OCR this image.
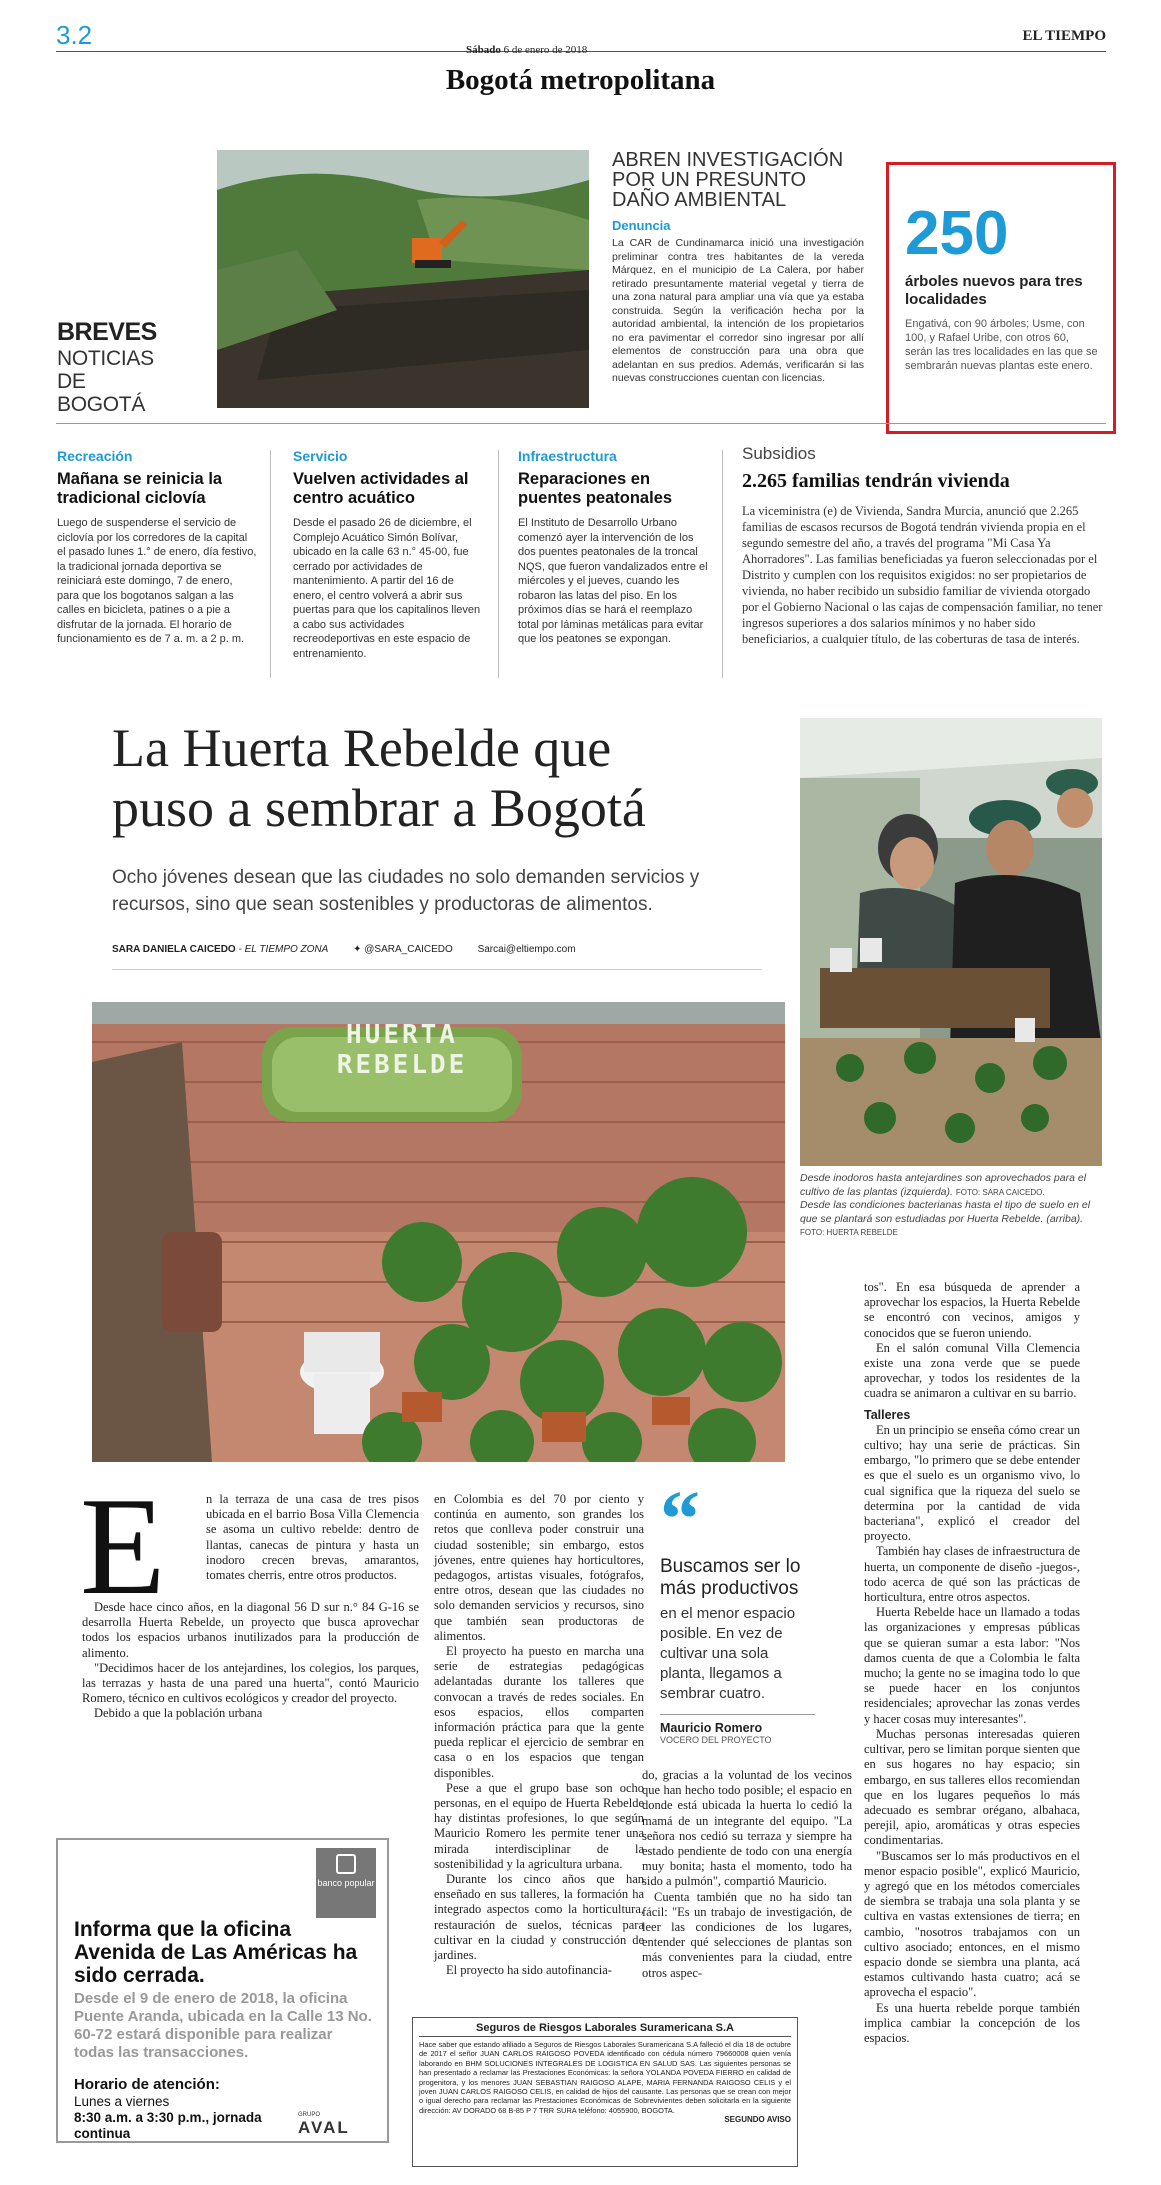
3.2	Sábado 6 de enero de 2018
EL TIEMPO
Bogotá metropolitana
BREVES
NOTICIAS
DE BOGOTÁ
ABREN INVESTIGACIÓN
POR UN PRESUNTO
DAÑO AMBIENTAL
Denuncia
La CAR de Cundinamarca inició una investigación preliminar contra tres habitantes de la vereda Márquez, en el municipio de La Calera, por haber retirado presuntamente material vegetal y tierra de una zona natural para ampliar una vía que ya estaba construida. Según la verificación hecha por la autoridad ambiental, la intención de los propietarios no era pavimentar el corredor sino ingresar por allí elementos de construcción para una obra que adelantan en sus predios. Además, verificarán si las nuevas construcciones cuentan con licencias.
250
árboles nuevos para tres localidades
Engativá, con 90 árboles; Usme, con 100, y Rafael Uribe, con otros 60, serán las tres localidades en las que se sembrarán nuevas plantas este enero.
Recreación
Mañana se reinicia la tradicional ciclovía
Luego de suspenderse el servicio de ciclovía por los corredores de la capital el pasado lunes 1.° de enero, día festivo, la tradicional jornada deportiva se reiniciará este domingo, 7 de enero, para que los bogotanos salgan a las calles en bicicleta, patines o a pie a disfrutar de la jornada. El horario de funcionamiento es de 7 a. m. a 2 p. m.
Servicio
Vuelven actividades al centro acuático
Desde el pasado 26 de diciembre, el Complejo Acuático Simón Bolívar, ubicado en la calle 63 n.° 45-00, fue cerrado por actividades de mantenimiento. A partir del 16 de enero, el centro volverá a abrir sus puertas para que los capitalinos lleven a cabo sus actividades recreodeportivas en este espacio de entrenamiento.
Infraestructura
Reparaciones en puentes peatonales
El Instituto de Desarrollo Urbano comenzó ayer la intervención de los dos puentes peatonales de la troncal NQS, que fueron vandalizados entre el miércoles y el jueves, cuando les robaron las latas del piso. En los próximos días se hará el reemplazo total por láminas metálicas para evitar que los peatones se expongan.
Subsidios
2.265 familias tendrán vivienda
La viceministra (e) de Vivienda, Sandra Murcia, anunció que 2.265 familias de escasos recursos de Bogotá tendrán vivienda propia en el segundo semestre del año, a través del programa "Mi Casa Ya Ahorradores". Las familias beneficiadas ya fueron seleccionadas por el Distrito y cumplen con los requisitos exigidos: no ser propietarios de vivienda, no haber recibido un subsidio familiar de vivienda otorgado por el Gobierno Nacional o las cajas de compensación familiar, no tener ingresos superiores a dos salarios mínimos y no haber sido beneficiarios, a cualquier título, de las coberturas de tasa de interés.
La Huerta Rebelde que
puso a sembrar a Bogotá
Ocho jóvenes desean que las ciudades no solo demanden servicios y recursos, sino que sean sostenibles y productoras de alimentos.
SARA DANIELA CAICEDO - EL TIEMPO ZONA ✦ @SARA_CAICEDO Sarcai@eltiempo.com
Desde inodoros hasta antejardines son aprovechados para el cultivo de las plantas (izquierda). FOTO: SARA CAICEDO.
Desde las condiciones bacterianas hasta el tipo de suelo en el que se plantará son estudiadas por Huerta Rebelde. (arriba). FOTO: HUERTA REBELDE
HUERTA REBELDE
E	n la terraza de una casa de tres pisos ubicada en el barrio Bosa Villa Clemencia se asoma un cultivo rebelde: dentro de llantas, canecas de pintura y hasta un inodoro crecen brevas, amarantos, tomates cherris, entre otros productos.

Desde hace cinco años, en la diagonal 56 D sur n.° 84 G-16 se desarrolla Huerta Rebelde, un proyecto que busca aprovechar todos los espacios urbanos inutilizados para la producción de alimento.

"Decidimos hacer de los antejardines, los colegios, los parques, las terrazas y hasta de una pared una huerta", contó Mauricio Romero, técnico en cultivos ecológicos y creador del proyecto.

Debido a que la población urbana

en Colombia es del 70 por ciento y continúa en aumento, son grandes los retos que conlleva poder construir una ciudad sostenible; sin embargo, estos jóvenes, entre quienes hay horticultores, pedagogos, artistas visuales, fotógrafos, entre otros, desean que las ciudades no solo demanden servicios y recursos, sino que también sean productoras de alimentos.

El proyecto ha puesto en marcha una serie de estrategias pedagógicas adelantadas durante los talleres que convocan a través de redes sociales. En esos espacios, ellos comparten información práctica para que la gente pueda replicar el ejercicio de sembrar en casa o en los espacios que tengan disponibles.

Pese a que el grupo base son ocho personas, en el equipo de Huerta Rebelde hay distintas profesiones, lo que según Mauricio Romero les permite tener una mirada interdisciplinar de la sostenibilidad y la agricultura urbana.

Durante los cinco años que han enseñado en sus talleres, la formación ha integrado aspectos como la horticultura, restauración de suelos, técnicas para cultivar en la ciudad y construcción de jardines.

El proyecto ha sido autofinancia-

“
Buscamos ser lo más productivos
en el menor espacio posible. En vez de cultivar una sola planta, llegamos a sembrar cuatro.
Mauricio Romero
VOCERO DEL PROYECTO

do, gracias a la voluntad de los vecinos que han hecho todo posible; el espacio en donde está ubicada la huerta lo cedió la mamá de un integrante del equipo. "La señora nos cedió su terraza y siempre ha estado pendiente de todo con una energía muy bonita; hasta el momento, todo ha sido a pulmón", compartió Mauricio.

Cuenta también que no ha sido tan fácil: "Es un trabajo de investigación, de leer las condiciones de los lugares, entender qué selecciones de plantas son más convenientes para la ciudad, entre otros aspec-

tos". En esa búsqueda de aprender a aprovechar los espacios, la Huerta Rebelde se encontró con vecinos, amigos y conocidos que se fueron uniendo.

En el salón comunal Villa Clemencia existe una zona verde que se puede aprovechar, y todos los residentes de la cuadra se animaron a cultivar en su barrio.

Talleres

En un principio se enseña cómo crear un cultivo; hay una serie de prácticas. Sin embargo, "lo primero que se debe entender es que el suelo es un organismo vivo, lo cual significa que la riqueza del suelo se determina por la cantidad de vida bacteriana", explicó el creador del proyecto.

También hay clases de infraestructura de huerta, un componente de diseño -juegos-, todo acerca de qué son las prácticas de horticultura, entre otros aspectos.

Huerta Rebelde hace un llamado a todas las organizaciones y empresas públicas que se quieran sumar a esta labor: "Nos damos cuenta de que a Colombia le falta mucho; la gente no se imagina todo lo que se puede hacer en los conjuntos residenciales; aprovechar las zonas verdes y hacer cosas muy interesantes".

Muchas personas interesadas quieren cultivar, pero se limitan porque sienten que en sus hogares no hay espacio; sin embargo, en sus talleres ellos recomiendan que en los lugares pequeños lo más adecuado es sembrar orégano, albahaca, perejil, apio, aromáticas y otras especies condimentarias.

"Buscamos ser lo más productivos en el menor espacio posible", explicó Mauricio, y agregó que en los métodos comerciales de siembra se trabaja una sola planta y se cultiva en vastas extensiones de tierra; en cambio, "nosotros trabajamos con un cultivo asociado; entonces, en el mismo espacio donde se siembra una planta, acá estamos cultivando hasta cuatro; acá se aprovecha el espacio".

Es una huerta rebelde porque también implica cambiar la concepción de los espacios.

banco popular
Informa que la oficina Avenida de Las Américas ha sido cerrada.
Desde el 9 de enero de 2018, la oficina Puente Aranda, ubicada en la Calle 13 No. 60-72 estará disponible para realizar todas las transacciones.
Horario de atención:
Lunes a viernes
8:30 a.m. a 3:30 p.m., jornada continua
GRUPO
AVAL
Seguros de Riesgos Laborales Suramericana S.A
Hace saber que estando afiliado a Seguros de Riesgos Laborales Suramericana S.A falleció el día 18 de octubre de 2017 el señor JUAN CARLOS RAIGOSO POVEDA identificado con cédula número 79660008 quien venía laborando en BHM SOLUCIONES INTEGRALES DE LOGISTICA EN SALUD SAS. Las siguientes personas se han presentado a reclamar las Prestaciones Económicas: la señora YOLANDA POVEDA FIERRO en calidad de progenitora, y los menores JUAN SEBASTIAN RAIGOSO ALAPE, MARIA FERNANDA RAIGOSO CELIS y el joven JUAN CARLOS RAIGOSO CELIS, en calidad de hijos del causante. Las personas que se crean con mejor o igual derecho para reclamar las Prestaciones Económicas de Sobrevivientes deben solicitarla en la siguiente dirección: AV DORADO 68 B-85 P 7 TRR SURA teléfono: 4055900, BOGOTA.
SEGUNDO AVISO
